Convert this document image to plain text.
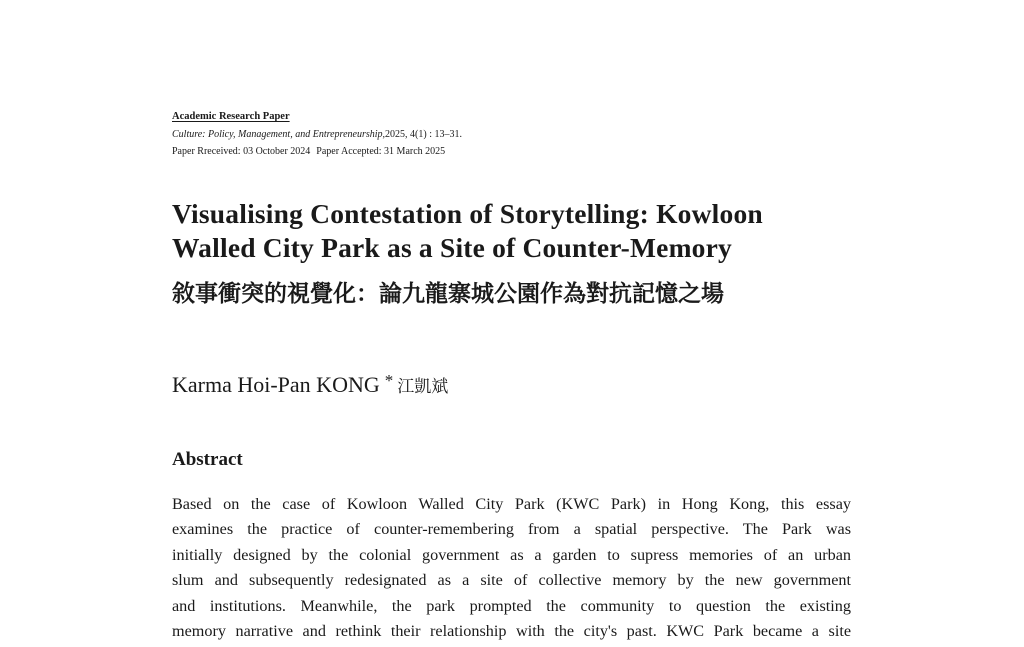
Academic Research Paper
Culture: Policy, Management, and Entrepreneurship,2025, 4(1) : 13–31.
Paper Rreceived: 03 October 2024 Paper Accepted: 31 March 2025
Visualising Contestation of Storytelling: Kowloon
Walled City Park as a Site of Counter-Memory
敘事衝突的視覺化：論九龍寨城公園作為對抗記憶之場
Karma Hoi-Pan KONG * 江凱斌
Abstract
Based on the case of Kowloon Walled City Park (KWC Park) in Hong Kong, this essay
examines the practice of counter-remembering from a spatial perspective. The Park was
initially designed by the colonial government as a garden to supress memories of an urban
slum and subsequently redesignated as a site of collective memory by the new government
and institutions. Meanwhile, the park prompted the community to question the existing
memory narrative and rethink their relationship with the city's past. KWC Park became a site
